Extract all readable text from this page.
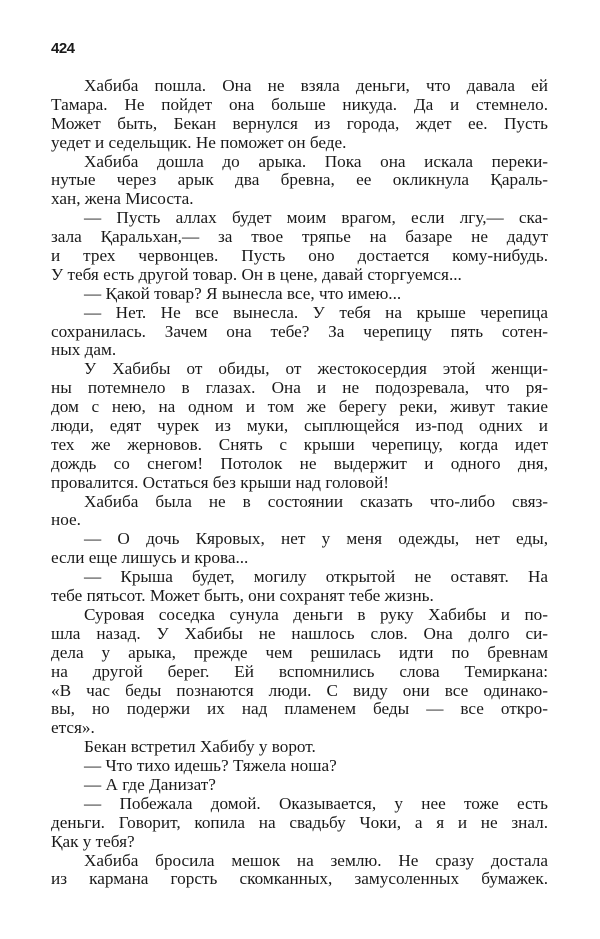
424
Хабиба пошла. Она не взяла деньги, что давала ей
Тамара. Не пойдет она больше никуда. Да и стемнело.
Может быть, Бекан вернулся из города, ждет ее. Пусть
уедет и седельщик. Не поможет он беде.
Хабиба дошла до арыка. Пока она искала переки-
нутые через арык два бревна, ее окликнула Қараль-
хан, жена Мисоста.
— Пусть аллах будет моим врагом, если лгу,— ска-
зала Қаральхан,— за твое тряпье на базаре не дадут
и трех червонцев. Пусть оно достается кому-нибудь.
У тебя есть другой товар. Он в цене, давай сторгуемся...
— Қакой товар? Я вынесла все, что имею...
— Нет. Не все вынесла. У тебя на крыше черепица
сохранилась. Зачем она тебе? За черепицу пять сотен-
ных дам.
У Хабибы от обиды, от жестокосердия этой женщи-
ны потемнело в глазах. Она и не подозревала, что ря-
дом с нею, на одном и том же берегу реки, живут такие
люди, едят чурек из муки, сыплющейся из-под одних и
тех же жерновов. Снять с крыши черепицу, когда идет
дождь со снегом! Потолок не выдержит и одного дня,
провалится. Остаться без крыши над головой!
Хабиба была не в состоянии сказать что-либо связ-
ное.
— О дочь Кяровых, нет у меня одежды, нет еды,
если еще лишусь и крова...
— Крыша будет, могилу открытой не оставят. На
тебе пятьсот. Может быть, они сохранят тебе жизнь.
Суровая соседка сунула деньги в руку Хабибы и по-
шла назад. У Хабибы не нашлось слов. Она долго си-
дела у арыка, прежде чем решилась идти по бревнам
на другой берег. Ей вспомнились слова Темиркана:
«В час беды познаются люди. С виду они все одинако-
вы, но подержи их над пламенем беды — все откро-
ется».
Бекан встретил Хабибу у ворот.
— Что тихо идешь? Тяжела ноша?
— А где Данизат?
— Побежала домой. Оказывается, у нее тоже есть
деньги. Говорит, копила на свадьбу Чоки, а я и не знал.
Қак у тебя?
Хабиба бросила мешок на землю. Не сразу достала
из кармана горсть скомканных, замусоленных бумажек.
